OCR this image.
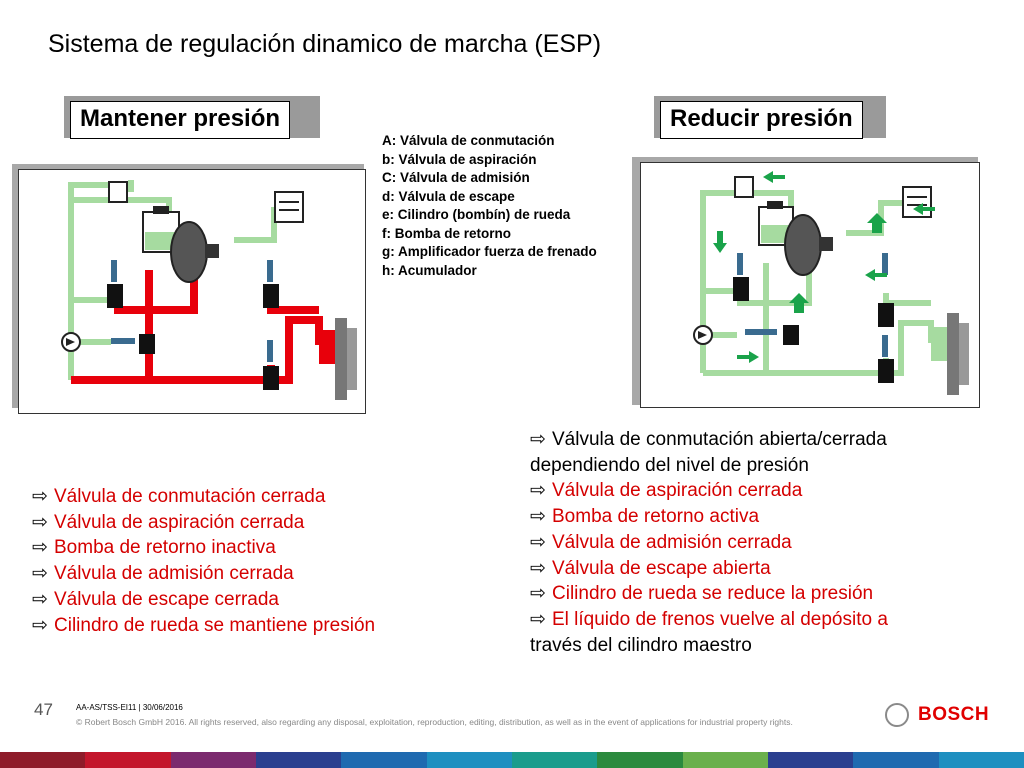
Sistema de regulación dinamico de marcha (ESP)
Mantener presión	Reducir presión
A: Válvula de conmutación
b: Válvula de aspiración
C: Válvula de admisión
d: Válvula de escape
e: Cilindro (bombín) de rueda
f: Bomba de retorno
g: Amplificador fuerza de frenado
h: Acumulador
⇨ Válvula de conmutación cerrada
⇨ Válvula de aspiración cerrada
⇨ Bomba de retorno inactiva
⇨ Válvula de admisión cerrada
⇨ Válvula de escape cerrada
⇨ Cilindro de rueda se mantiene presión
⇨ Válvula de conmutación abierta/cerrada
dependiendo del nivel de presión
⇨ Válvula de aspiración cerrada
⇨ Bomba de retorno activa
⇨ Válvula de admisión cerrada
⇨ Válvula de escape abierta
⇨ Cilindro de rueda se reduce la presión
⇨ El líquido de frenos vuelve al depósito a
través del cilindro maestro
47	AA-AS/TSS-EI11 | 30/06/2016
© Robert Bosch GmbH 2016. All rights reserved, also regarding any disposal, exploitation, reproduction, editing, distribution, as well as in the event of applications for industrial property rights.	BOSCH
